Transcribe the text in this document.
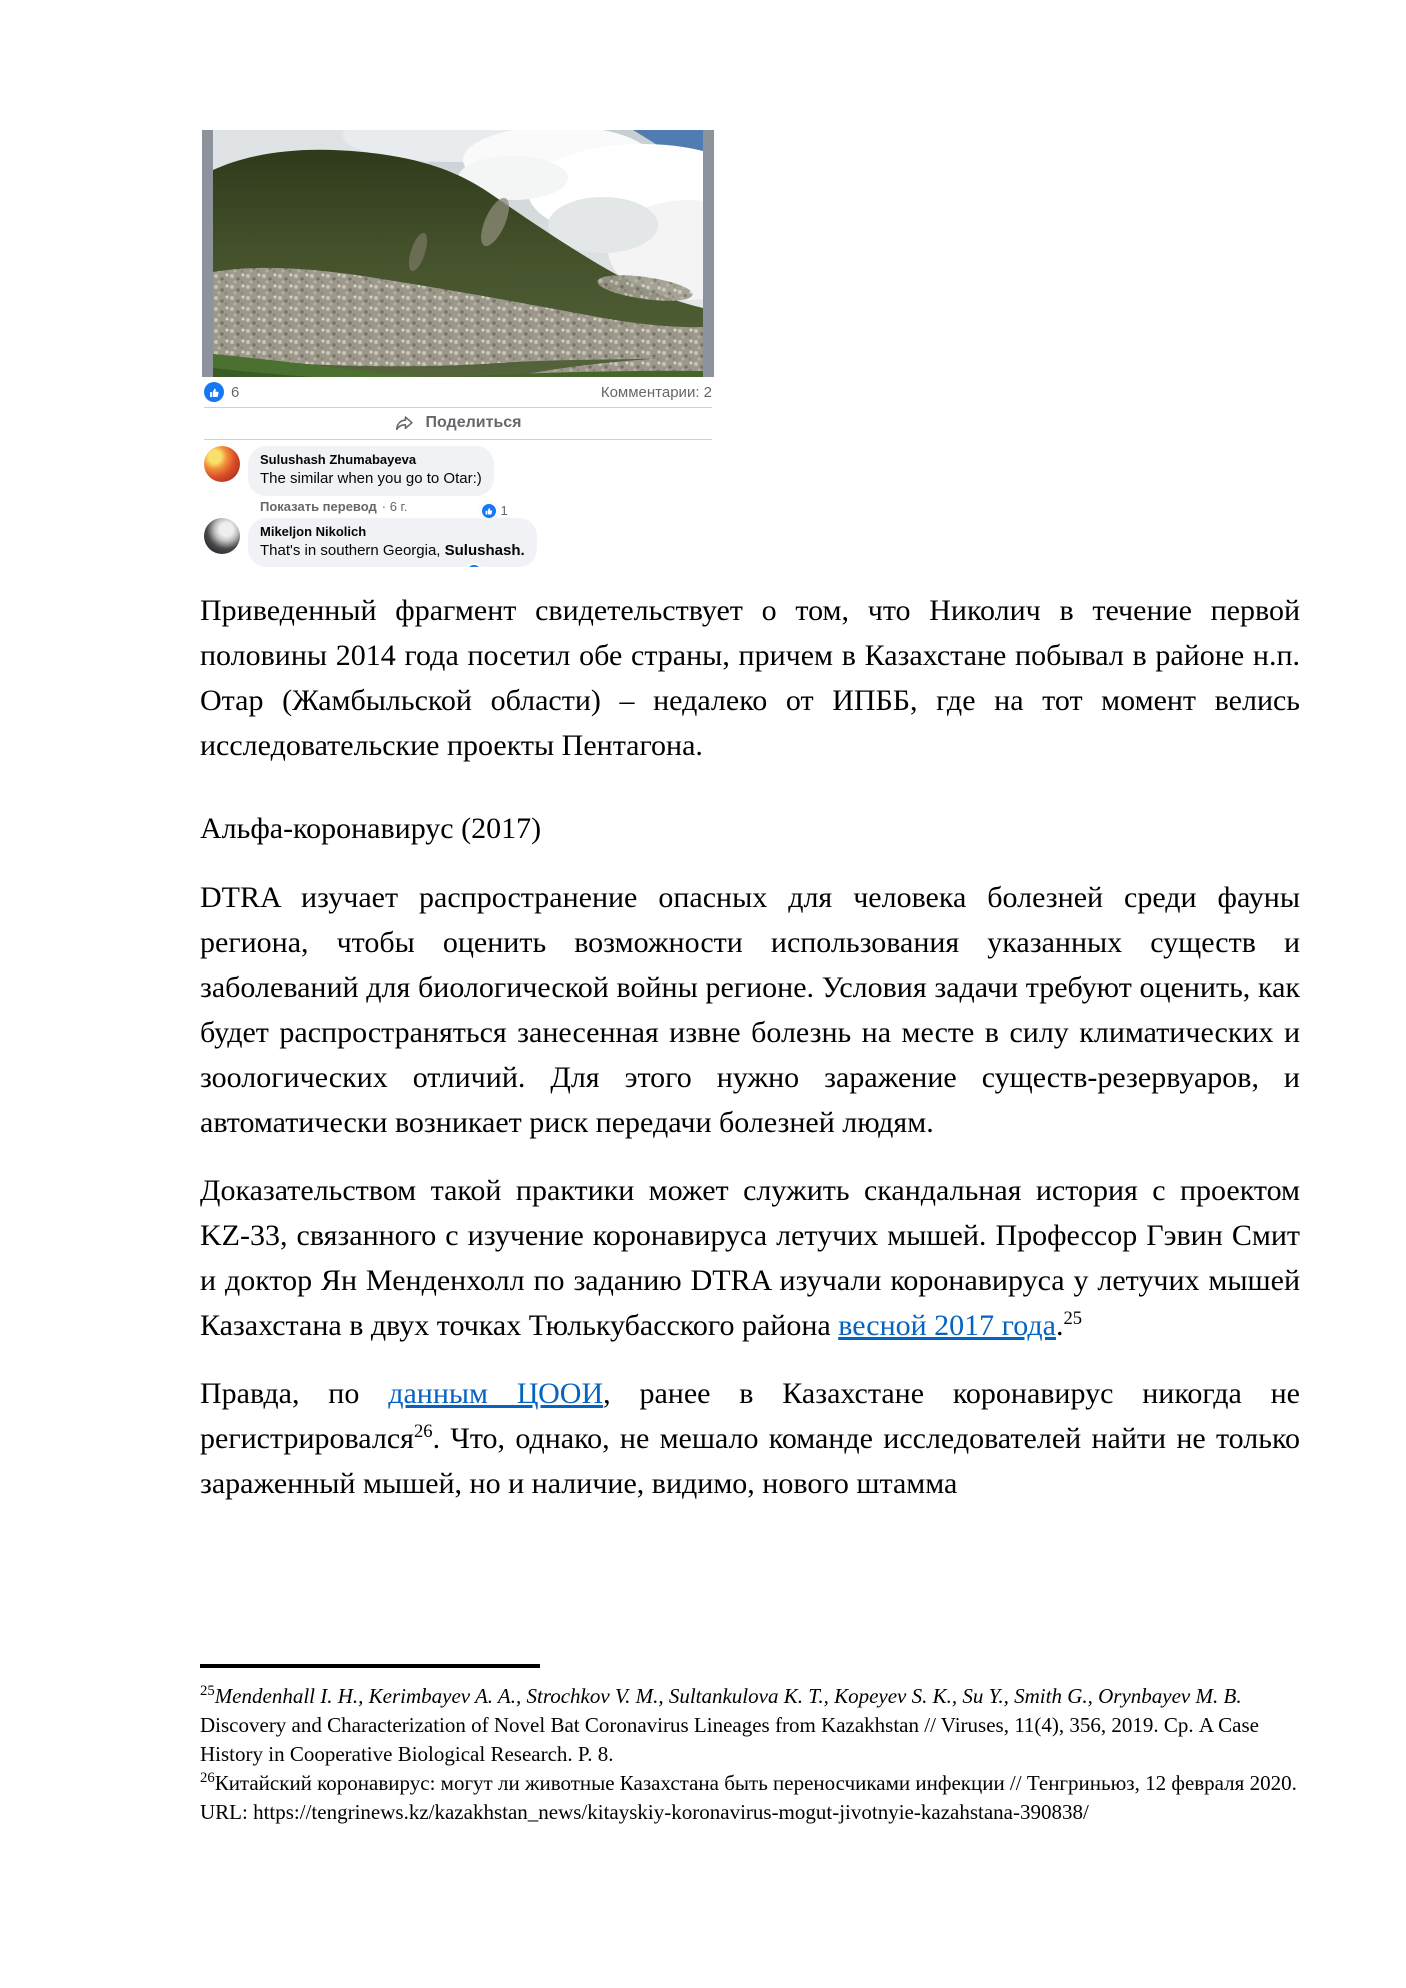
6	Комментарии: 2
Поделиться
Sulushash Zhumabayeva
The similar when you go to Otar:)
1
Показать перевод · 6 г.
Mikeljon Nikolich
That's in southern Georgia, Sulushash.

Приведенный фрагмент свидетельствует о том, что Николич в течение первой половины 2014 года посетил обе страны, причем в Казахстане побывал в районе н.п. Отар (Жамбыльской области) – недалеко от ИПББ, где на тот момент велись исследовательские проекты Пентагона.

Альфа-коронавирус (2017)

DTRA изучает распространение опасных для человека болезней среди фауны региона, чтобы оценить возможности использования указанных существ и заболеваний для биологической войны регионе. Условия задачи требуют оценить, как будет распространяться занесенная извне болезнь на месте в силу климатических и зоологических отличий. Для этого нужно заражение существ-резервуаров, и автоматически возникает риск передачи болезней людям.

Доказательством такой практики может служить скандальная история с проектом KZ-33, связанного с изучение коронавируса летучих мышей. Профессор Гэвин Смит и доктор Ян Менденхолл по заданию DTRA изучали коронавируса у летучих мышей Казахстана в двух точках Тюлькубасского района весной 2017 года.$^{25}$

Правда, по данным ЦООИ, ранее в Казахстане коронавирус никогда не регистрировался$^{26}$. Что, однако, не мешало команде исследователей найти не только зараженный мышей, но и наличие, видимо, нового штамма

$^{25}$Mendenhall I. H., Kerimbayev A. A., Strochkov V. M., Sultankulova K. T., Kopeyev S. K., Su Y., Smith G., Orynbayev M. B. Discovery and Characterization of Novel Bat Coronavirus Lineages from Kazakhstan // Viruses, 11(4), 356, 2019. Ср. A Case History in Cooperative Biological Research. P. 8.

$^{26}$Китайский коронавирус: могут ли животные Казахстана быть переносчиками инфекции // Тенгриньюз, 12 февраля 2020. URL: https://tengrinews.kz/kazakhstan_news/kitayskiy-koronavirus-mogut-jivotnyie-kazahstana-390838/
